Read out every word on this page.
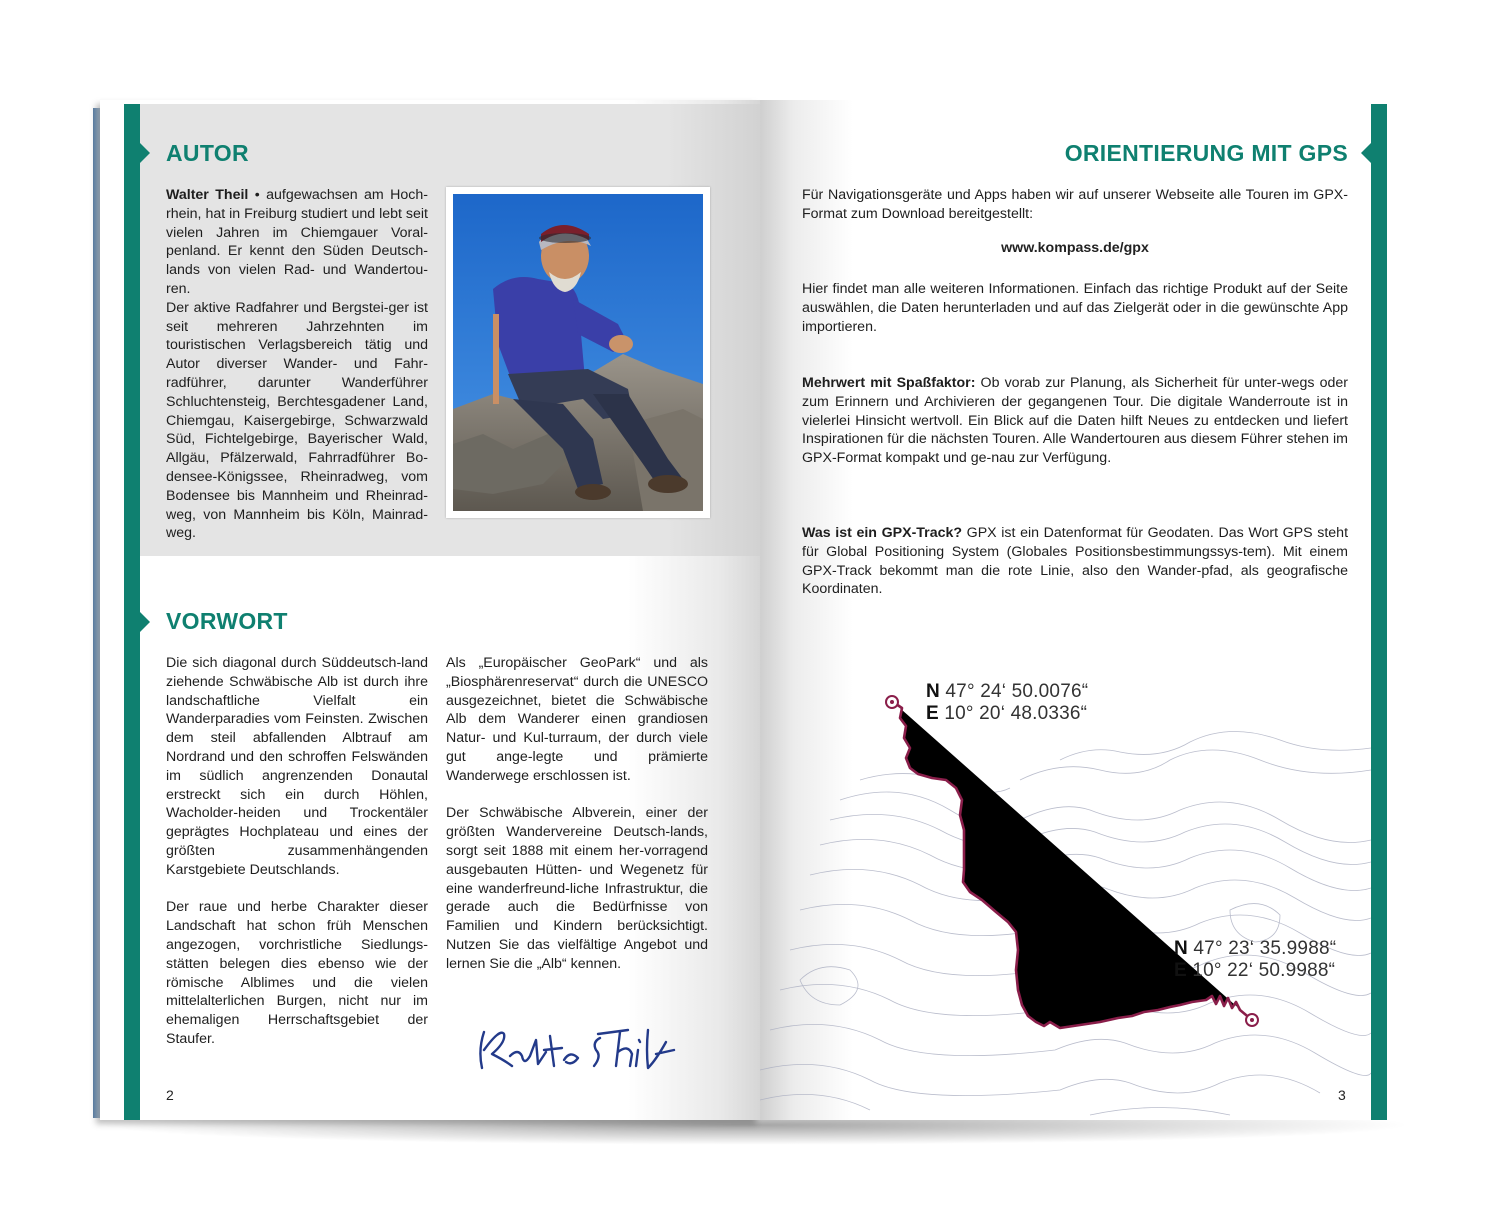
AUTOR

Walter Theil • aufgewachsen am Hoch-rhein, hat in Freiburg studiert und lebt seit vielen Jahren im Chiemgauer Voral-penland. Er kennt den Süden Deutsch-lands von vielen Rad- und Wandertou-ren.

Der aktive Radfahrer und Bergstei-ger ist seit mehreren Jahrzehnten im touristischen Verlagsbereich tätig und Autor diverser Wander- und Fahr-radführer, darunter Wanderführer Schluchtensteig, Berchtesgadener Land, Chiemgau, Kaisergebirge, Schwarzwald Süd, Fichtelgebirge, Bayerischer Wald, Allgäu, Pfälzerwald, Fahrradführer Bo-densee-Königssee, Rheinradweg, vom Bodensee bis Mannheim und Rheinrad-weg, von Mannheim bis Köln, Mainrad-weg.

VORWORT

Die sich diagonal durch Süddeutsch-land ziehende Schwäbische Alb ist durch ihre landschaftliche Vielfalt ein Wanderparadies vom Feinsten. Zwischen dem steil abfallenden Albtrauf am Nordrand und den schroffen Felswänden im südlich angrenzenden Donautal erstreckt sich ein durch Höhlen, Wacholder-heiden und Trockentäler geprägtes Hochplateau und eines der größten zusammenhängenden Karstgebiete Deutschlands.

Der raue und herbe Charakter dieser Landschaft hat schon früh Menschen angezogen, vorchristliche Siedlungs-stätten belegen dies ebenso wie der römische Alblimes und die vielen mittelalterlichen Burgen, nicht nur im ehemaligen Herrschaftsgebiet der Staufer.

Als „Europäischer GeoPark“ und als „Biosphärenreservat“ durch die UNESCO ausgezeichnet, bietet die Schwäbische Alb dem Wanderer einen grandiosen Natur- und Kul-turraum, der durch viele gut ange-legte und prämierte Wanderwege erschlossen ist.

Der Schwäbische Albverein, einer der größten Wandervereine Deutsch-lands, sorgt seit 1888 mit einem her-vorragend ausgebauten Hütten- und Wegenetz für eine wanderfreund-liche Infrastruktur, die gerade auch die Bedürfnisse von Familien und Kindern berücksichtigt. Nutzen Sie das vielfältige Angebot und lernen Sie die „Alb“ kennen.

2
ORIENTIERUNG MIT GPS
Für Navigationsgeräte und Apps haben wir auf unserer Webseite alle Touren im GPX-Format zum Download bereitgestellt:
www.kompass.de/gpx
Hier findet man alle weiteren Informationen. Einfach das richtige Produkt auf der Seite auswählen, die Daten herunterladen und auf das Zielgerät oder in die gewünschte App importieren.
Mehrwert mit Spaßfaktor: Ob vorab zur Planung, als Sicherheit für unter-wegs oder zum Erinnern und Archivieren der gegangenen Tour. Die digitale Wanderroute ist in vielerlei Hinsicht wertvoll. Ein Blick auf die Daten hilft Neues zu entdecken und liefert Inspirationen für die nächsten Touren. Alle Wandertouren aus diesem Führer stehen im GPX-Format kompakt und ge-nau zur Verfügung.
Was ist ein GPX-Track? GPX ist ein Datenformat für Geodaten. Das Wort GPS steht für Global Positioning System (Globales Positionsbestimmungssys-tem). Mit einem GPX-Track bekommt man die rote Linie, also den Wander-pfad, als geografische Koordinaten.
N 47° 24‘ 50.0076“
E 10° 20‘ 48.0336“
N 47° 23‘ 35.9988“
E 10° 22‘ 50.9988“
3
